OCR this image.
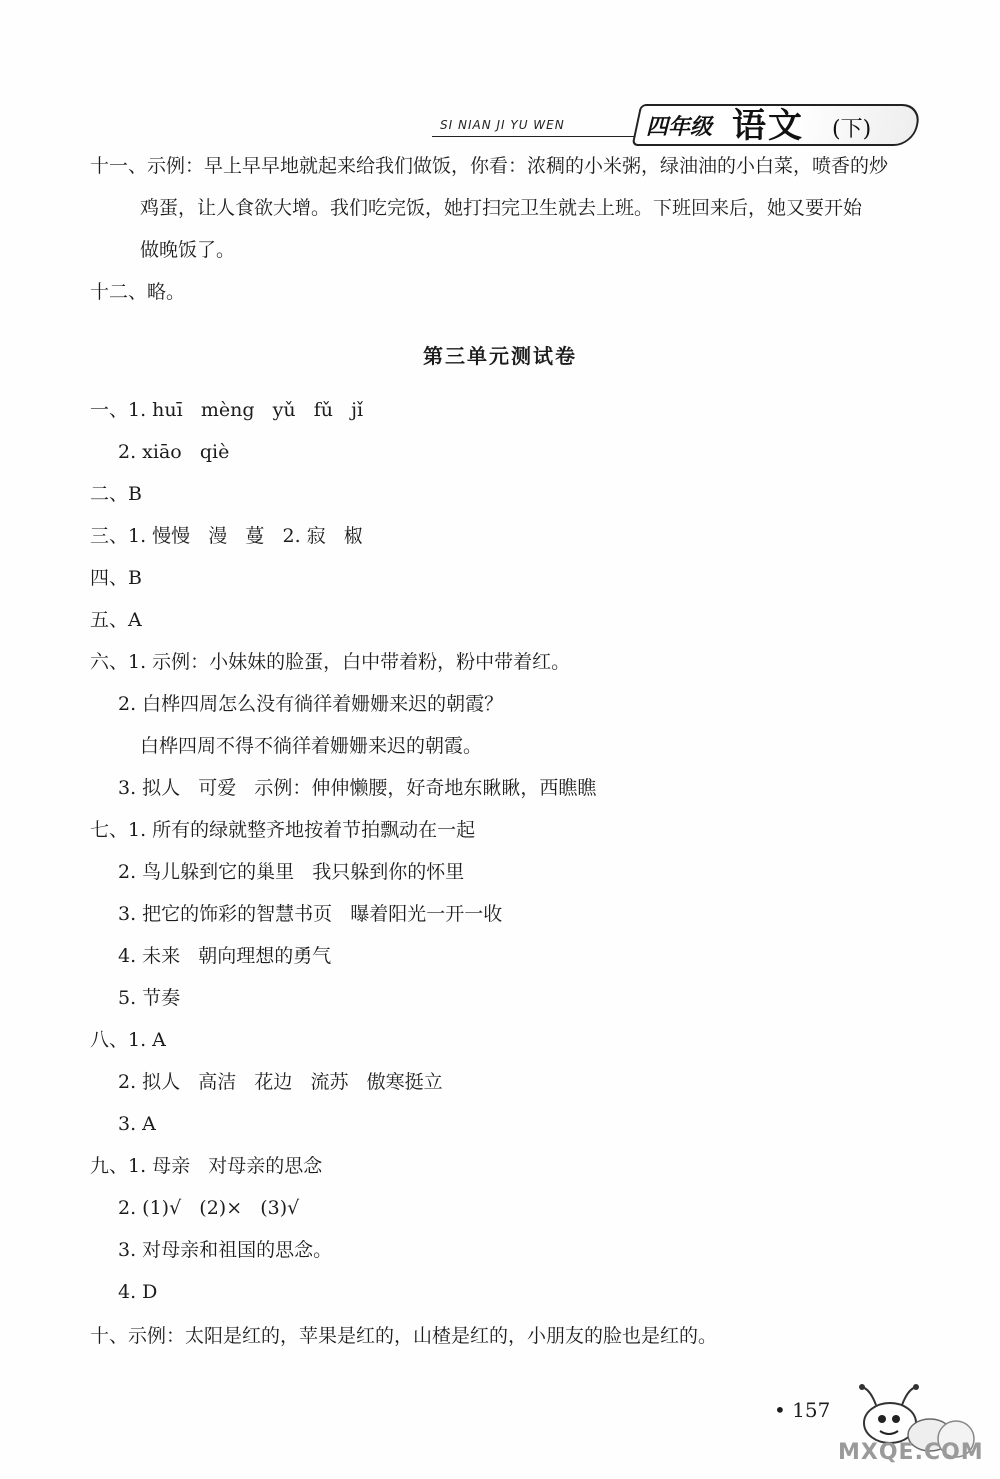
SI NIAN JI YU WEN	四年级 语文 (下)
十一、示例：早上早早地就起来给我们做饭，你看：浓稠的小米粥，绿油油的小白菜，喷香的炒
鸡蛋，让人食欲大增。我们吃完饭，她打扫完卫生就去上班。下班回来后，她又要开始
做晚饭了。
十二、略。
第三单元测试卷
一、1. huī   mèng   yǔ   fǔ   jǐ
2. xiāo   qiè
二、B
三、1. 慢慢   漫   蔓   2. 寂   椒
四、B
五、A
六、1. 示例：小妹妹的脸蛋，白中带着粉，粉中带着红。
2. 白桦四周怎么没有徜徉着姗姗来迟的朝霞？
白桦四周不得不徜徉着姗姗来迟的朝霞。
3. 拟人   可爱   示例：伸伸懒腰，好奇地东瞅瞅，西瞧瞧
七、1. 所有的绿就整齐地按着节拍飘动在一起
2. 鸟儿躲到它的巢里   我只躲到你的怀里
3. 把它的饰彩的智慧书页   曝着阳光一开一收
4. 未来   朝向理想的勇气
5. 节奏
八、1. A
2. 拟人   高洁   花边   流苏   傲寒挺立
3. A
九、1. 母亲   对母亲的思念
2. (1)√   (2)×   (3)√
3. 对母亲和祖国的思念。
4. D
十、示例：太阳是红的，苹果是红的，山楂是红的，小朋友的脸也是红的。
• 157
MXQE.COM
